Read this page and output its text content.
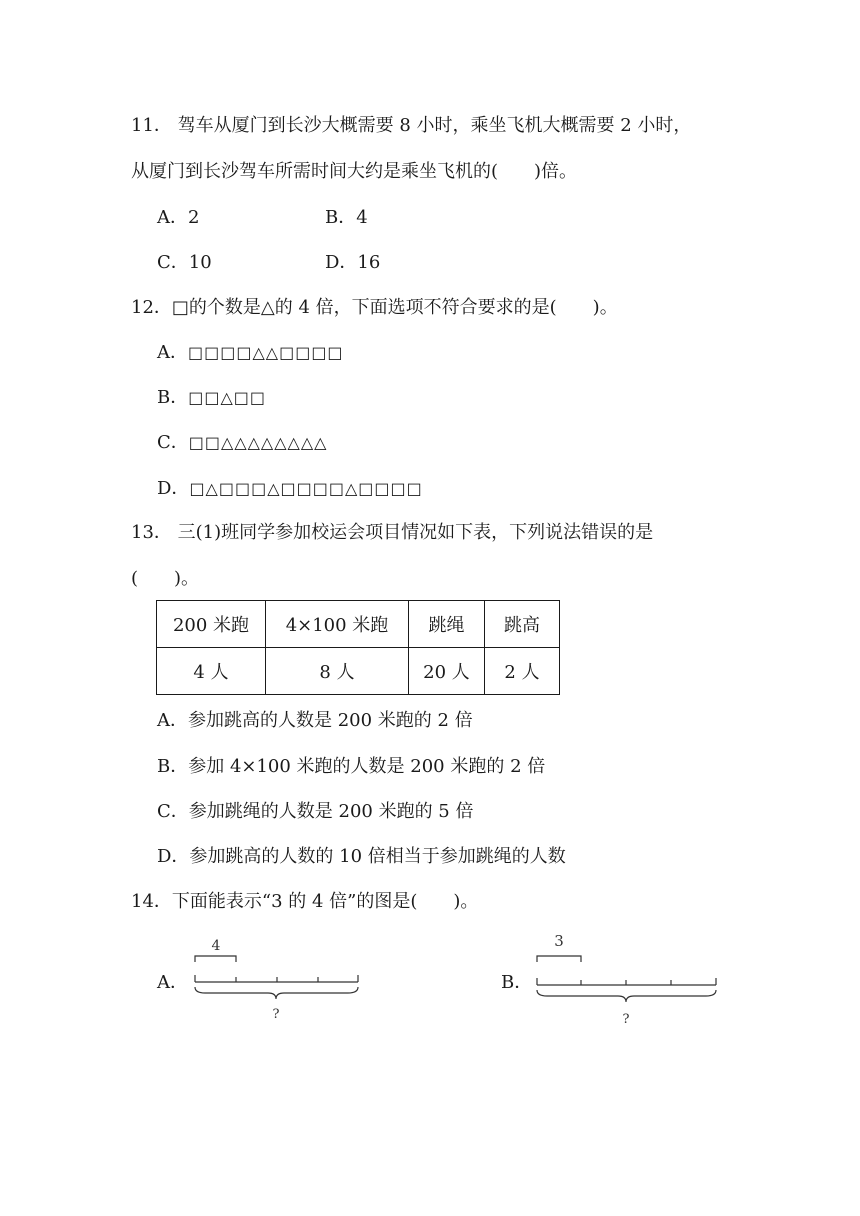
11． 驾车从厦门到长沙大概需要 8 小时，乘坐飞机大概需要 2 小时，
从厦门到长沙驾车所需时间大约是乘坐飞机的(　　)倍。
A．2	B．4
C．10	D．16
12．□的个数是△的 4 倍，下面选项不符合要求的是(　　)。
A．□□□□△△□□□□
B．□□△□□
C．□□△△△△△△△△
D．□△□□□△□□□□△□□□□
13． 三(1)班同学参加校运会项目情况如下表，下列说法错误的是
(　　)。
200 米跑	4×100 米跑	跳绳	跳高
4 人	8 人	20 人	2 人
A．参加跳高的人数是 200 米跑的 2 倍
B．参加 4×100 米跑的人数是 200 米跑的 2 倍
C．参加跳绳的人数是 200 米跑的 5 倍
D．参加跳高的人数的 10 倍相当于参加跳绳的人数
14．下面能表示“3 的 4 倍”的图是(　　)。
A．
4
?
B．
3
?
